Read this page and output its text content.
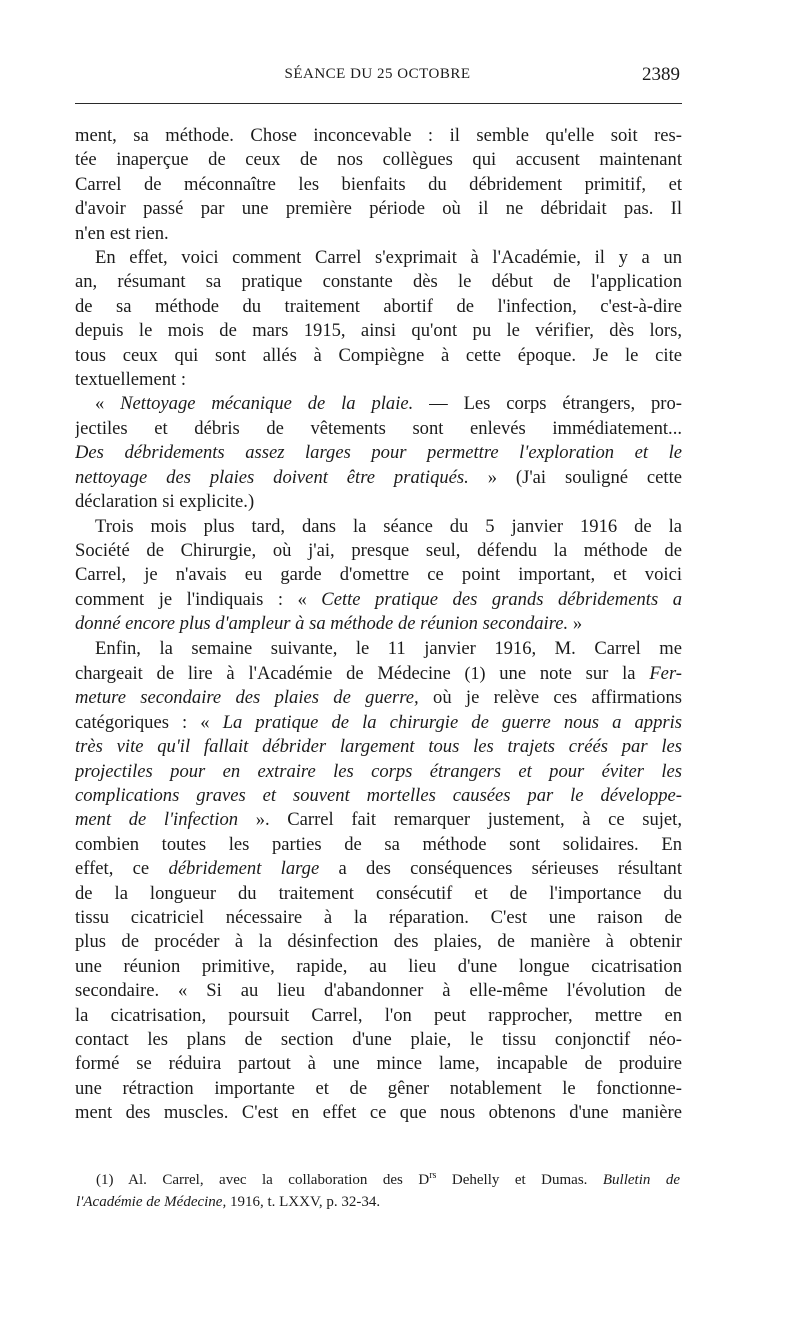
SÉANCE DU 25 OCTOBRE	2389

ment, sa méthode. Chose inconcevable : il semble qu'elle soit res-
tée inaperçue de ceux de nos collègues qui accusent maintenant
Carrel de méconnaître les bienfaits du débridement primitif, et
d'avoir passé par une première période où il ne débridait pas. Il
n'en est rien.

En effet, voici comment Carrel s'exprimait à l'Académie, il y a un
an, résumant sa pratique constante dès le début de l'application
de sa méthode du traitement abortif de l'infection, c'est-à-dire
depuis le mois de mars 1915, ainsi qu'ont pu le vérifier, dès lors,
tous ceux qui sont allés à Compiègne à cette époque. Je le cite
textuellement :

« Nettoyage mécanique de la plaie. — Les corps étrangers, pro-
jectiles et débris de vêtements sont enlevés immédiatement...
Des débridements assez larges pour permettre l'exploration et le
nettoyage des plaies doivent être pratiqués. » (J'ai souligné cette
déclaration si explicite.)

Trois mois plus tard, dans la séance du 5 janvier 1916 de la
Société de Chirurgie, où j'ai, presque seul, défendu la méthode de
Carrel, je n'avais eu garde d'omettre ce point important, et voici
comment je l'indiquais : « Cette pratique des grands débridements a
donné encore plus d'ampleur à sa méthode de réunion secondaire. »

Enfin, la semaine suivante, le 11 janvier 1916, M. Carrel me
chargeait de lire à l'Académie de Médecine (1) une note sur la Fer-
meture secondaire des plaies de guerre, où je relève ces affirmations
catégoriques : « La pratique de la chirurgie de guerre nous a appris
très vite qu'il fallait débrider largement tous les trajets créés par les
projectiles pour en extraire les corps étrangers et pour éviter les
complications graves et souvent mortelles causées par le développe-
ment de l'infection ». Carrel fait remarquer justement, à ce sujet,
combien toutes les parties de sa méthode sont solidaires. En
effet, ce débridement large a des conséquences sérieuses résultant
de la longueur du traitement consécutif et de l'importance du
tissu cicatriciel nécessaire à la réparation. C'est une raison de
plus de procéder à la désinfection des plaies, de manière à obtenir
une réunion primitive, rapide, au lieu d'une longue cicatrisation
secondaire. « Si au lieu d'abandonner à elle-même l'évolution de
la cicatrisation, poursuit Carrel, l'on peut rapprocher, mettre en
contact les plans de section d'une plaie, le tissu conjonctif néo-
formé se réduira partout à une mince lame, incapable de produire
une rétraction importante et de gêner notablement le fonctionne-
ment des muscles. C'est en effet ce que nous obtenons d'une manière

(1) Al. Carrel, avec la collaboration des $D^{rs}$ Dehelly et Dumas. Bulletin de
l'Académie de Médecine, 1916, t. LXXV, p. 32-34.
